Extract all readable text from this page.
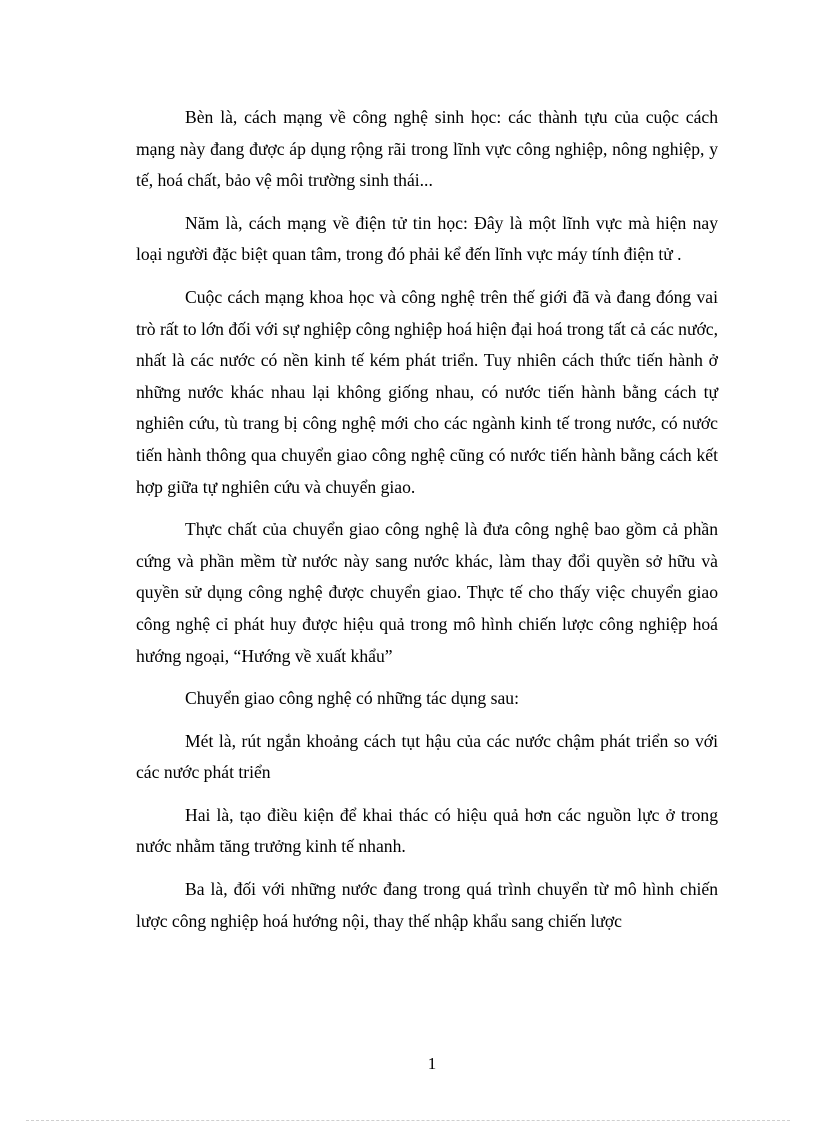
Bèn là, cách mạng về công nghệ sinh học: các thành tựu của cuộc cách mạng này đang được áp dụng rộng rãi trong lĩnh vực công nghiệp, nông nghiệp, y tế, hoá chất, bảo vệ môi trường sinh thái...

Năm là, cách mạng về điện tử tin học: Đây là một lĩnh vực mà hiện nay loại người đặc biệt quan tâm, trong đó phải kể đến lĩnh vực máy tính điện tử .

Cuộc cách mạng khoa học và công nghệ trên thế giới đã và đang đóng vai trò rất to lớn đối với sự nghiệp công nghiệp hoá hiện đại hoá trong tất cả các nước, nhất là các nước có nền kinh tế kém phát triển. Tuy nhiên cách thức tiến hành ở những nước khác nhau lại không giống nhau, có nước tiến hành bằng cách tự nghiên cứu, tù trang bị công nghệ mới cho các ngành kinh tế trong nước, có nước tiến hành thông qua chuyển giao công nghệ cũng có nước tiến hành bằng cách kết hợp giữa tự nghiên cứu và chuyển giao.

Thực chất của chuyển giao công nghệ là đưa công nghệ bao gồm cả phần cứng và phần mềm từ nước này sang nước khác, làm thay đổi quyền sở hữu và quyền sử dụng công nghệ được chuyển giao. Thực tế cho thấy việc chuyển giao công nghệ cỉ phát huy được hiệu quả trong mô hình chiến lược công nghiệp hoá hướng ngoại, “Hướng về xuất khẩu”

Chuyển giao công nghệ có những tác dụng sau:

Mét là, rút ngắn khoảng cách tụt hậu của các nước chậm phát triển so với các nước phát triển

Hai là, tạo điều kiện để khai thác có hiệu quả hơn các nguồn lực ở trong nước nhằm tăng trưởng kinh tế nhanh.

Ba là, đối với những nước đang trong quá trình chuyển từ mô hình chiến lược công nghiệp hoá hướng nội, thay thế nhập khẩu sang chiến lược

1
